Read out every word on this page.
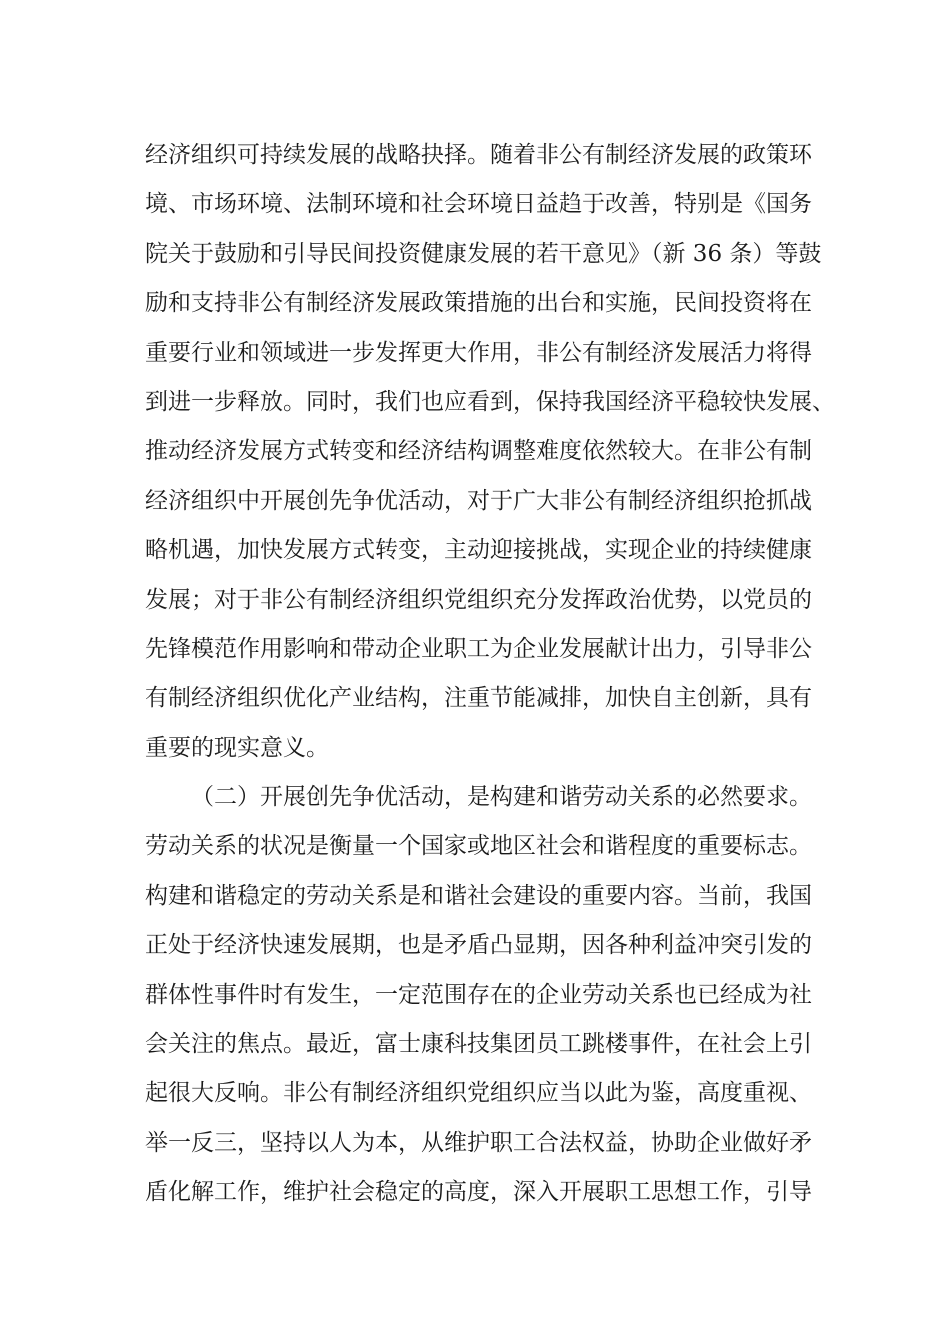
经济组织可持续发展的战略抉择。随着非公有制经济发展的政策环
境、市场环境、法制环境和社会环境日益趋于改善，特别是《国务
院关于鼓励和引导民间投资健康发展的若干意见》（新 36 条）等鼓
励和支持非公有制经济发展政策措施的出台和实施，民间投资将在
重要行业和领域进一步发挥更大作用，非公有制经济发展活力将得
到进一步释放。同时，我们也应看到，保持我国经济平稳较快发展、
推动经济发展方式转变和经济结构调整难度依然较大。在非公有制
经济组织中开展创先争优活动，对于广大非公有制经济组织抢抓战
略机遇，加快发展方式转变，主动迎接挑战，实现企业的持续健康
发展；对于非公有制经济组织党组织充分发挥政治优势，以党员的
先锋模范作用影响和带动企业职工为企业发展献计出力，引导非公
有制经济组织优化产业结构，注重节能减排，加快自主创新，具有
重要的现实意义。
（二）开展创先争优活动，是构建和谐劳动关系的必然要求。
劳动关系的状况是衡量一个国家或地区社会和谐程度的重要标志。
构建和谐稳定的劳动关系是和谐社会建设的重要内容。当前，我国
正处于经济快速发展期，也是矛盾凸显期，因各种利益冲突引发的
群体性事件时有发生，一定范围存在的企业劳动关系也已经成为社
会关注的焦点。最近，富士康科技集团员工跳楼事件，在社会上引
起很大反响。非公有制经济组织党组织应当以此为鉴，高度重视、
举一反三，坚持以人为本，从维护职工合法权益，协助企业做好矛
盾化解工作，维护社会稳定的高度，深入开展职工思想工作，引导
